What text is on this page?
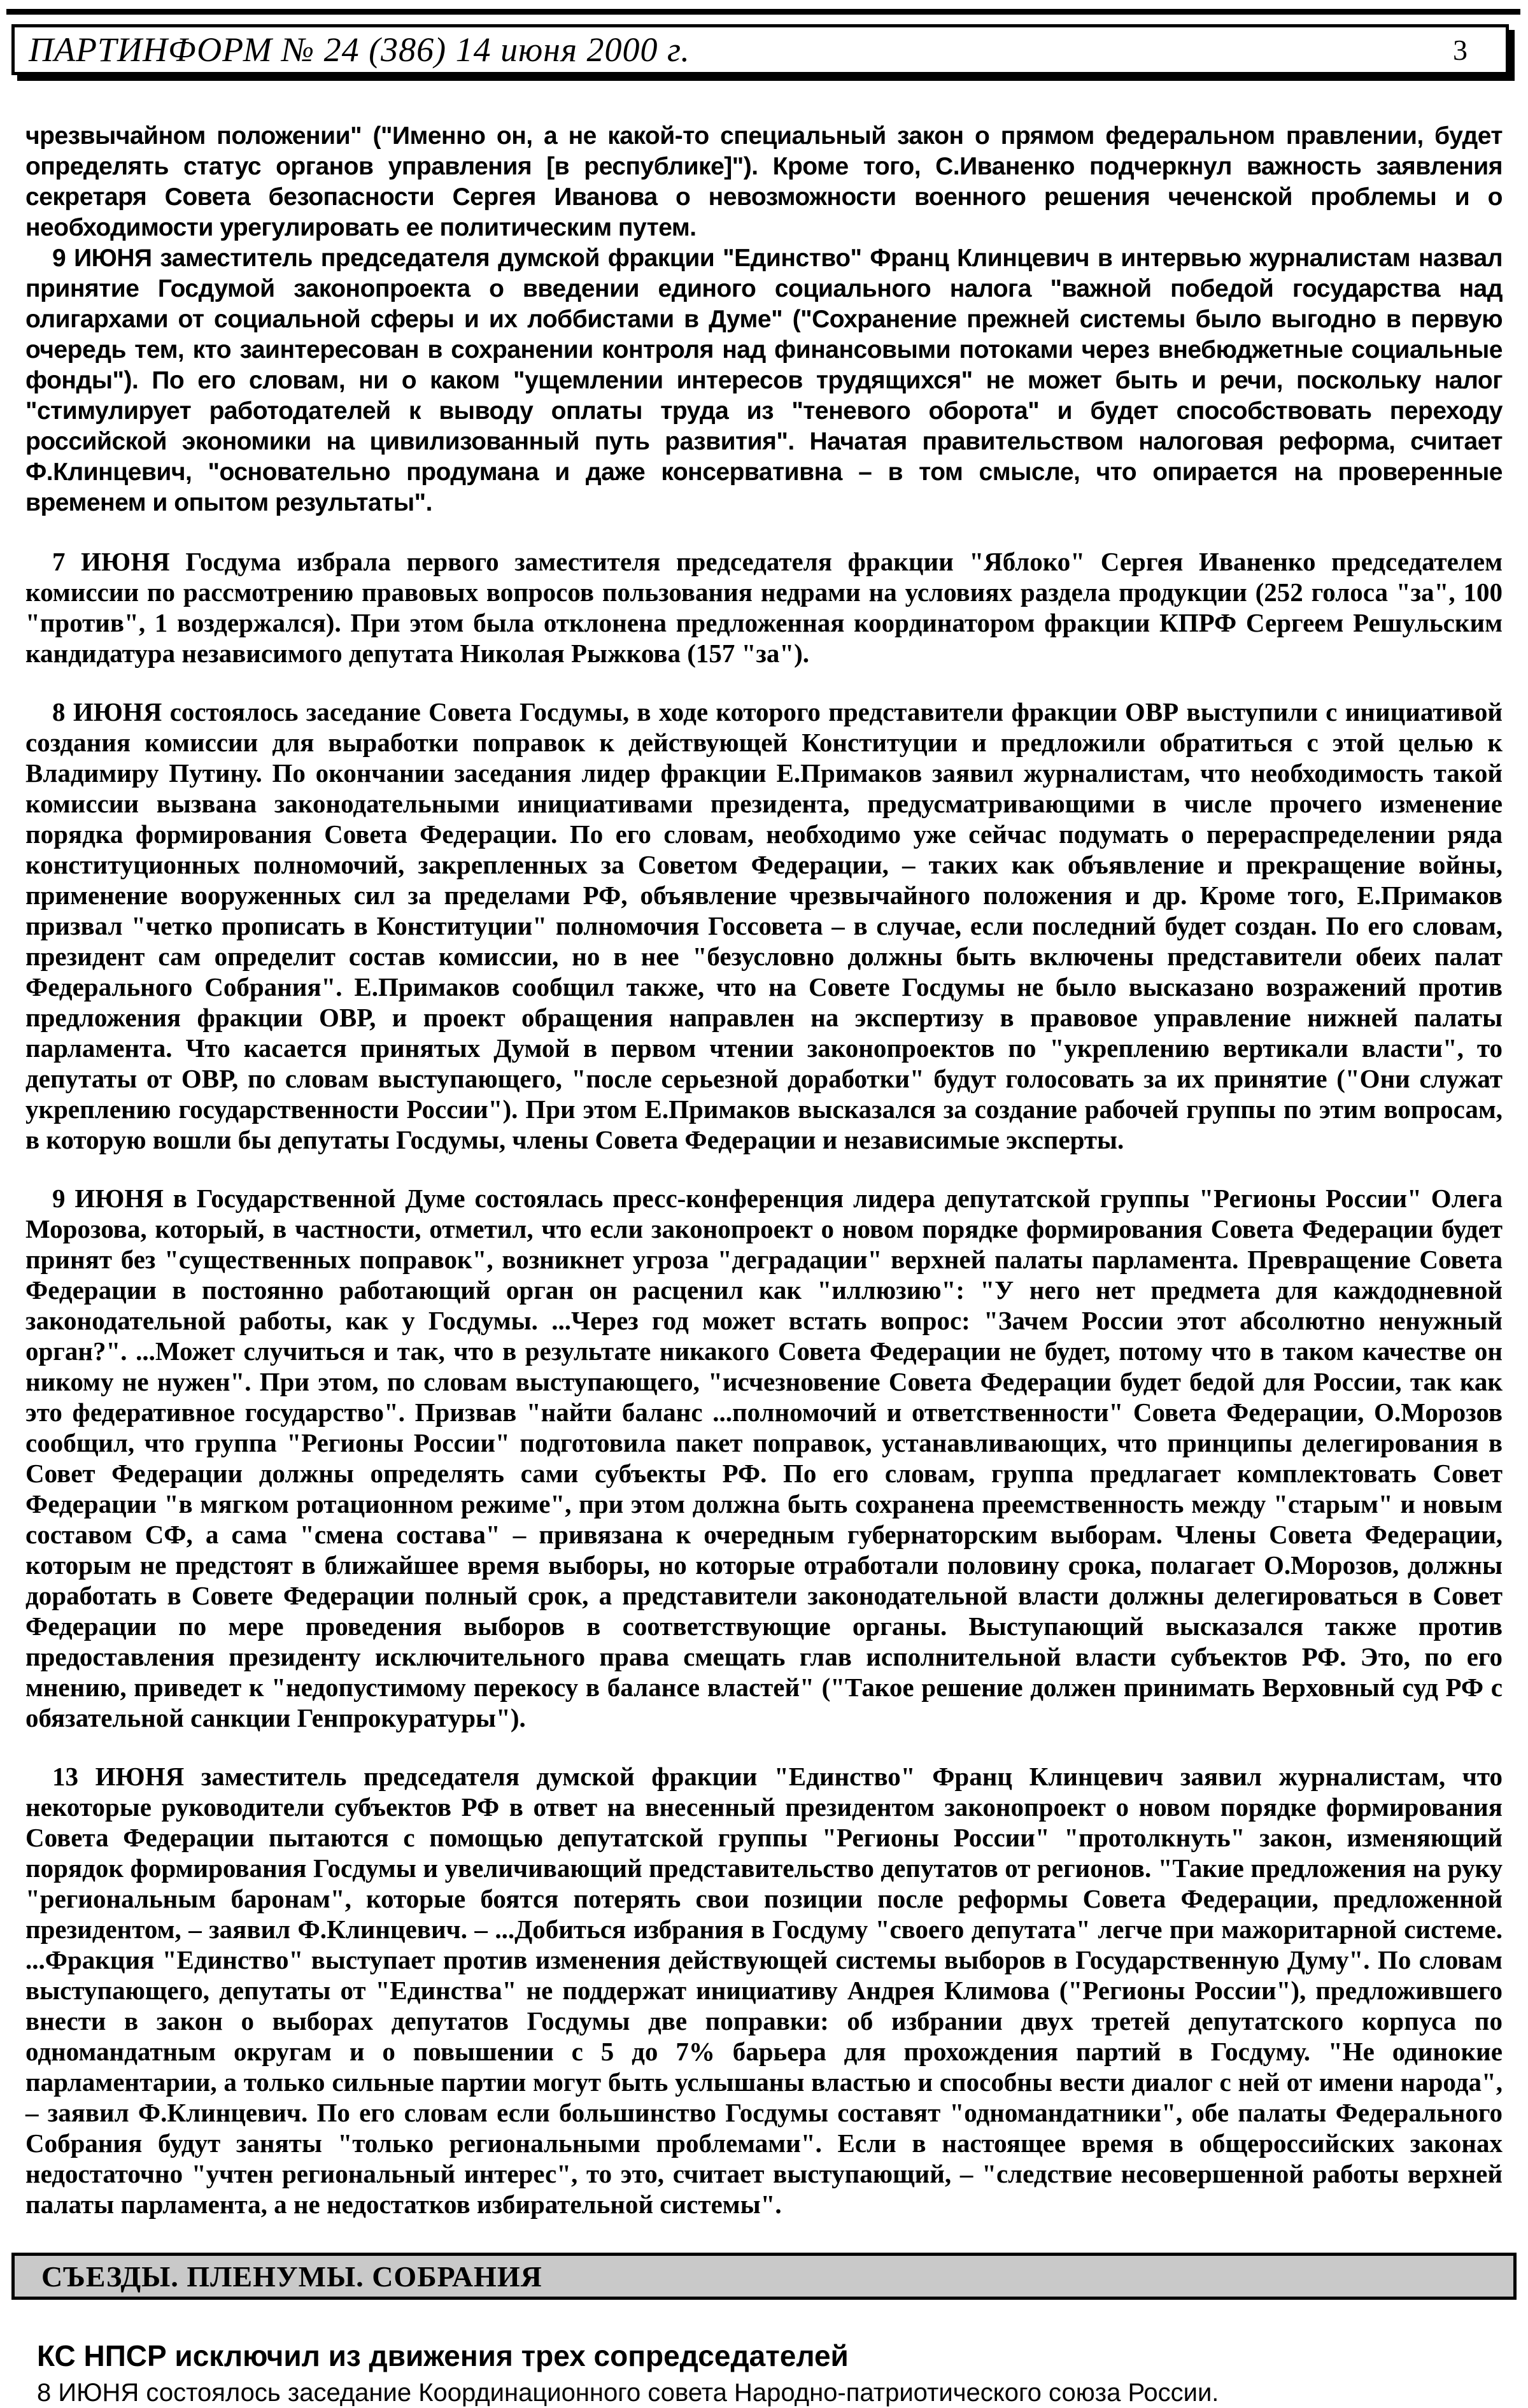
ПАРТИНФОРМ № 24 (386) 14 июня 2000 г.	3

чрезвычайном положении" ("Именно он, а не какой-то специальный закон о прямом федеральном правлении, будет определять статус органов управления [в республике]"). Кроме того, С.Иваненко подчеркнул важность заявления секретаря Совета безопасности Сергея Иванова о невозможности военного решения чеченской проблемы и о необходимости урегулировать ее политическим путем.

9 ИЮНЯ заместитель председателя думской фракции "Единство" Франц Клинцевич в интервью журналистам назвал принятие Госдумой законопроекта о введении единого социального налога "важной победой государства над олигархами от социальной сферы и их лоббистами в Думе" ("Сохранение прежней системы было выгодно в первую очередь тем, кто заинтересован в сохранении контроля над финансовыми потоками через внебюджетные социальные фонды"). По его словам, ни о каком "ущемлении интересов трудящихся" не может быть и речи, поскольку налог "стимулирует работодателей к выводу оплаты труда из "теневого оборота" и будет способствовать переходу российской экономики на цивилизованный путь развития". Начатая правительством налоговая реформа, считает Ф.Клинцевич, "основательно продумана и даже консервативна – в том смысле, что опирается на проверенные временем и опытом результаты".

7 ИЮНЯ Госдума избрала первого заместителя председателя фракции "Яблоко" Сергея Иваненко председателем комиссии по рассмотрению правовых вопросов пользования недрами на условиях раздела продукции (252 голоса "за", 100 "против", 1 воздержался). При этом была отклонена предложенная координатором фракции КПРФ Сергеем Решульским кандидатура независимого депутата Николая Рыжкова (157 "за").

8 ИЮНЯ состоялось заседание Совета Госдумы, в ходе которого представители фракции ОВР выступили с инициативой создания комиссии для выработки поправок к действующей Конституции и предложили обратиться с этой целью к Владимиру Путину. По окончании заседания лидер фракции Е.Примаков заявил журналистам, что необходимость такой комиссии вызвана законодательными инициативами президента, предусматривающими в числе прочего изменение порядка формирования Совета Федерации. По его словам, необходимо уже сейчас подумать о перераспределении ряда конституционных полномочий, закрепленных за Советом Федерации, – таких как объявление и прекращение войны, применение вооруженных сил за пределами РФ, объявление чрезвычайного положения и др. Кроме того, Е.Примаков призвал "четко прописать в Конституции" полномочия Госсовета – в случае, если последний будет создан. По его словам, президент сам определит состав комиссии, но в нее "безусловно должны быть включены представители обеих палат Федерального Собрания". Е.Примаков сообщил также, что на Совете Госдумы не было высказано возражений против предложения фракции ОВР, и проект обращения направлен на экспертизу в правовое управление нижней палаты парламента. Что касается принятых Думой в первом чтении законопроектов по "укреплению вертикали власти", то депутаты от ОВР, по словам выступающего, "после серьезной доработки" будут голосовать за их принятие ("Они служат укреплению государственности России"). При этом Е.Примаков высказался за создание рабочей группы по этим вопросам, в которую вошли бы депутаты Госдумы, члены Совета Федерации и независимые эксперты.

9 ИЮНЯ в Государственной Думе состоялась пресс-конференция лидера депутатской группы "Регионы России" Олега Морозова, который, в частности, отметил, что если законопроект о новом порядке формирования Совета Федерации будет принят без "существенных поправок", возникнет угроза "деградации" верхней палаты парламента. Превращение Совета Федерации в постоянно работающий орган он расценил как "иллюзию": "У него нет предмета для каждодневной законодательной работы, как у Госдумы. ...Через год может встать вопрос: "Зачем России этот абсолютно ненужный орган?". ...Может случиться и так, что в результате никакого Совета Федерации не будет, потому что в таком качестве он никому не нужен". При этом, по словам выступающего, "исчезновение Совета Федерации будет бедой для России, так как это федеративное государство". Призвав "найти баланс ...полномочий и ответственности" Совета Федерации, О.Морозов сообщил, что группа "Регионы России" подготовила пакет поправок, устанавливающих, что принципы делегирования в Совет Федерации должны определять сами субъекты РФ. По его словам, группа предлагает комплектовать Совет Федерации "в мягком ротационном режиме", при этом должна быть сохранена преемственность между "старым" и новым составом СФ, а сама "смена состава" – привязана к очередным губернаторским выборам. Члены Совета Федерации, которым не предстоят в ближайшее время выборы, но которые отработали половину срока, полагает О.Морозов, должны доработать в Совете Федерации полный срок, а представители законодательной власти должны делегироваться в Совет Федерации по мере проведения выборов в соответствующие органы. Выступающий высказался также против предоставления президенту исключительного права смещать глав исполнительной власти субъектов РФ. Это, по его мнению, приведет к "недопустимому перекосу в балансе властей" ("Такое решение должен принимать Верховный суд РФ с обязательной санкции Генпрокуратуры").

13 ИЮНЯ заместитель председателя думской фракции "Единство" Франц Клинцевич заявил журналистам, что некоторые руководители субъектов РФ в ответ на внесенный президентом законопроект о новом порядке формирования Совета Федерации пытаются с помощью депутатской группы "Регионы России" "протолкнуть" закон, изменяющий порядок формирования Госдумы и увеличивающий представительство депутатов от регионов. "Такие предложения на руку "региональным баронам", которые боятся потерять свои позиции после реформы Совета Федерации, предложенной президентом, – заявил Ф.Клинцевич. – ...Добиться избрания в Госдуму "своего депутата" легче при мажоритарной системе. ...Фракция "Единство" выступает против изменения действующей системы выборов в Государственную Думу". По словам выступающего, депутаты от "Единства" не поддержат инициативу Андрея Климова ("Регионы России"), предложившего внести в закон о выборах депутатов Госдумы две поправки: об избрании двух третей депутатского корпуса по одномандатным округам и о повышении с 5 до 7% барьера для прохождения партий в Госдуму. "Не одинокие парламентарии, а только сильные партии могут быть услышаны властью и способны вести диалог с ней от имени народа", – заявил Ф.Клинцевич. По его словам если большинство Госдумы составят "одномандатники", обе палаты Федерального Собрания будут заняты "только региональными проблемами". Если в настоящее время в общероссийских законах недостаточно "учтен региональный интерес", то это, считает выступающий, – "следствие несовершенной работы верхней палаты парламента, а не недостатков избирательной системы".

СЪЕЗДЫ. ПЛЕНУМЫ. СОБРАНИЯ
КС НПСР исключил из движения трех сопредседателей

8 ИЮНЯ состоялось заседание Координационного совета Народно-патриотического союза России.
